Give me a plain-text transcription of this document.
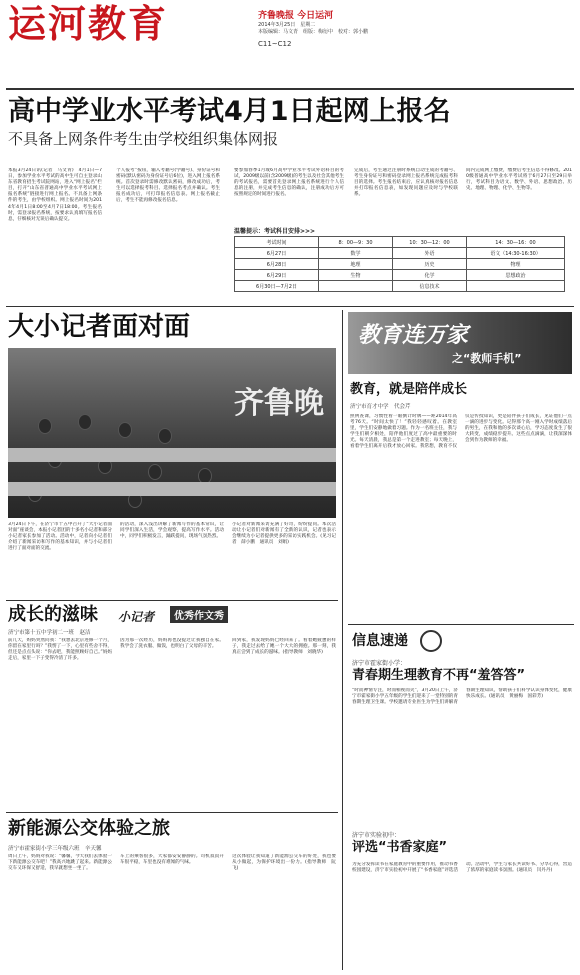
运河教育	齐鲁晚报 今日运河
2014年3月25日　星期二
本版编辑：马文青　组版：梅衍中　校对：郭小鹏
C11~C12
高中学业水平考试4月1日起网上报名
不具备上网条件考生由学校组织集体网报
本报3月24日讯(记者　马文青)　4月1日—7日，参加学业水平考试的高中生可自主登录山东省教育招生考试院网站，进入“网上报名”栏目，打开“山东省普通高中学业水平考试网上报名系统”链接进行网上报名。不具备上网条件的考生，由学校组织。网上报名时间为2014年4月1日8:00至4月7日18:00。考生报名时，需登录报名系统，按要求认真填写报名信息，仔细核对无误后确认提交。
个人报考”按钮，输入考籍号(学籍号)、身份证号和密码(默认密码为身份证号后6位)，进入网上报名系统。首次登录时需修改默认密码，修改成功后，考生可以选择报考科目、选择报名考点并确认。考生报名成功后，可打印报名信息表。网上报名截止后，考生不能再修改报名信息。
要参加春季1月或6月高中学业水平考试外语科目的考试，2009级以前(含2009级)的考生以及社会其他考生的考试报名，需要首先登录网上报名系统进行个人信息的注册，并完成考生信息的确认，注册成功后方可按照规定的时间进行报名。
完成后，考生通过注册时系统自动生成的考籍号、考生身份证号和密码登录网上报名系统完成报考科目的选择。考生报名结束后，应认真核对报名信息并打印报名信息表，如发现问题应及时与学校联系。
间内完成网上缴费，缴费后考生信息不得修改。2010级普通高中学业水平考试将于6月27日至29日举行，考试科目为语文、数学、外语、思想政治、历史、地理、物理、化学、生物等。
温馨提示：考试科目安排>>>
考试时间	8：00—9：30	10：30—12：00	14：30—16：00
6月27日	数学	外语	语文（14:30-16:30）
6月28日	地理	历史	物理
6月29日	生物	化学	思想政治
6月30日—7月2日		信息技术	
大小记者面对面
齐鲁晚
3月24日下午，在济宁市十五中召开了“大小记者面对面”座谈会，本报小记者团的十多名小记者和部分小记者家长参加了活动。活动中，记者向小记者们介绍了新闻采访和写作的基本知识，并与小记者们进行了面对面的交流。
的活动，深入浅出讲解了新闻写作的基本常识，让同学们深入生活，学会观察，提高写作水平。活动中，同学们积极发言，踊跃提问，现场气氛热烈。
小记者对新闻采访充满了好奇，纷纷提问。本次活动让小记者们对新闻有了全新的认识，记者也表示会继续为小记者提供更多的采访实践机会。(见习记者　薛小鹏　通讯员　刘娟)
教育连万家
之“教师手机”
教育，就是陪伴成长
济宁市育才中学　代会芹
照例查课，习惯性看一眼倒计时牌——距2014年高考76天。“时间太快了！”我轻轻感叹着。在教室里，学生们安静地做着习题。作为一名班主任，我与学生们朝夕相处，陪伴他们度过了高中最重要的时光。每天清晨，我总是第一个走进教室；每天晚上，看着学生们离开后我才放心回家。我常想，教育不仅仅是传授知识，更是陪伴孩子们成长，见证他们一点一滴的进步与变化。记得那个高一刚入学时成绩落后的男生，在我和他的多次谈心后，学习态度发生了很大转变，成绩稳步提升。这些点点滴滴，让我深深体会到作为教师的幸福。
信息速递
济宁市霍家街小学：
青春期生理教育不再“羞答答”
“时而神情专注，时而相视而笑”，3月20日上午，济宁市霍家街小学五年级的学生们迎来了一堂特别的青春期生理卫生课。学校邀请专业医生为学生们讲解青春期生理知识，帮助孩子们科学认识身体变化，健康快乐成长。(通讯员　黄丽梅　国彩芳)
济宁市实验初中：
评选“书香家庭”
为充分发挥读书在家庭教育中的重要作用，推动书香校园建设，济宁市实验初中开展了“书香家庭”评选活动。活动中，学生与家长共读好书、分享心得，营造了浓厚的家庭读书氛围。(通讯员　闫丹丹)
成长的滋味 小记者	优秀作文秀
济宁市第十五中学初二一班　赵洁
前几天，妈妈突然问我：“我想去北京进修一个月，你留在家里行吗？”我愣了一下，心里有些舍不得，但还是点点头说：“你去吧，我能照顾好自己。”妈妈走后，家里一下子变得冷清了许多。
因为那一次经历，妈妈再也没提过让我独自在家。我学会了洗衣服、做饭，也明白了父母的辛苦。
回到家，我发现妈妈已经回来了。看着她疲惫的样子，我走过去给了她一个大大的拥抱。那一刻，我真正尝到了成长的滋味。(指导教师　刘晓华)
新能源公交体验之旅
济宁市霍家街小学三年级六班　辛天馨
周日上午，妈妈对我说：“馨馨，今天我们去体验一下新能源公交车吧！”我高兴地跳了起来。新能源公交车又环保又舒适，我早就想坐一坐了。
车上的乘客很多，大家都安安静静的。司机叔叔开车很平稳，车里也没有难闻的气味。
这次体验让我知道了新能源公交车的好处，我也要从小做起，为保护环境出一份力。(指导教师　阮飞)
